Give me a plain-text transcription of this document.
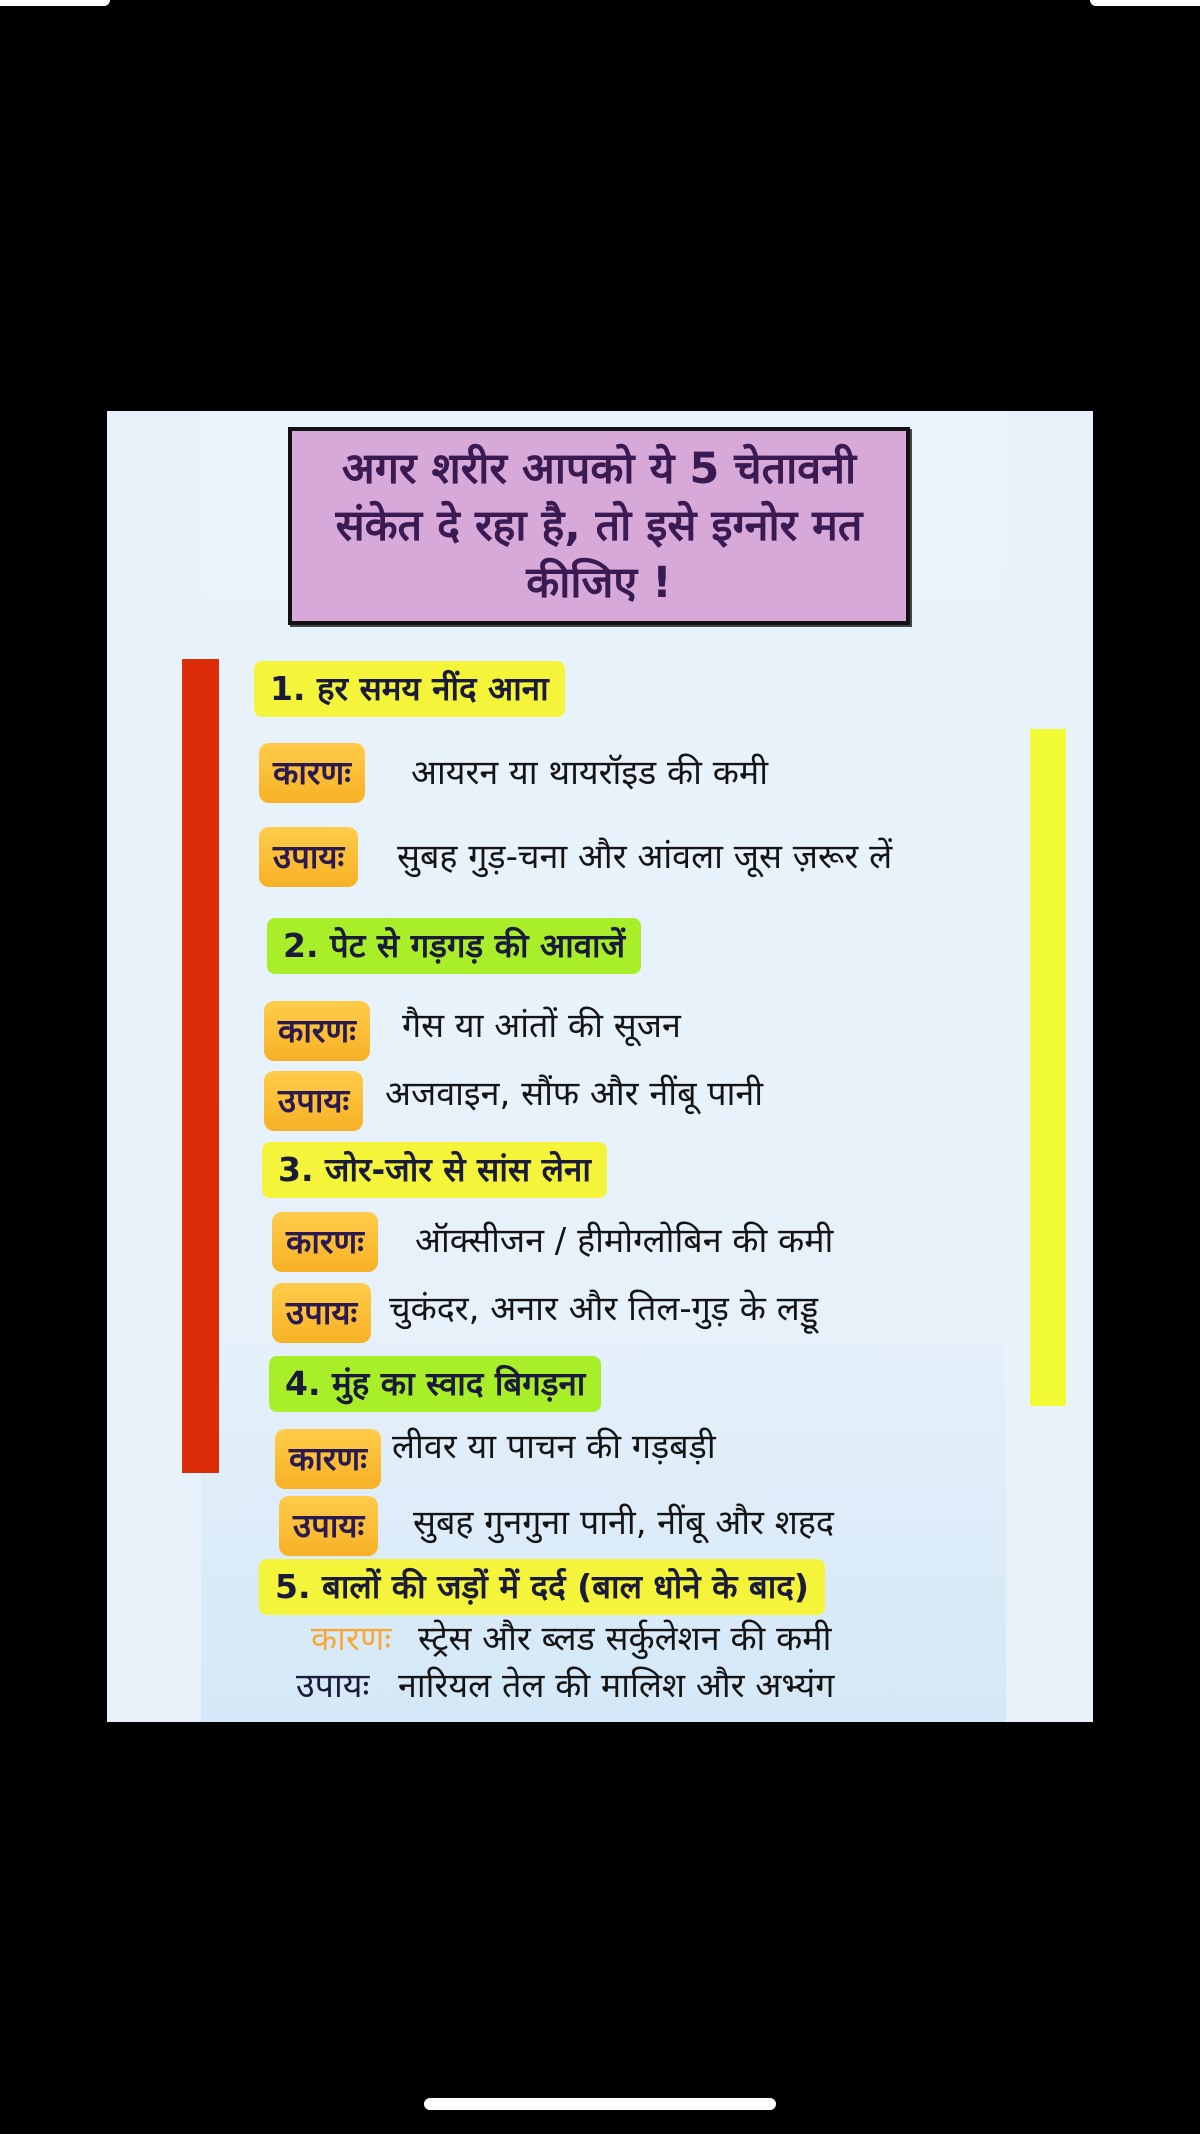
अगर शरीर आपको ये 5 चेतावनी संकेत दे रहा है, तो इसे इग्नोर मत कीजिए !
1. हर समय नींद आना
कारणः	आयरन या थायरॉइड की कमी
उपायः	सुबह गुड़-चना और आंवला जूस ज़रूर लें
2. पेट से गड़गड़ की आवाजें
कारणः	गैस या आंतों की सूजन
उपायः	अजवाइन, सौंफ और नींबू पानी
3. जोर-जोर से सांस लेना
कारणः	ऑक्सीजन / हीमोग्लोबिन की कमी
उपायः चुकंदर, अनार और तिल-गुड़ के लड्डू
4. मुंह का स्वाद बिगड़ना
कारणः लीवर या पाचन की गड़बड़ी
उपायः	सुबह गुनगुना पानी, नींबू और शहद
5. बालों की जड़ों में दर्द (बाल धोने के बाद)
कारणः स्ट्रेस और ब्लड सर्कुलेशन की कमी
उपायः नारियल तेल की मालिश और अभ्यंग
